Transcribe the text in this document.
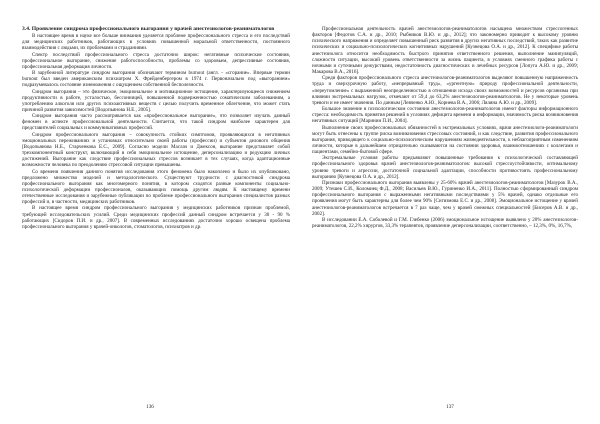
3.4. Проявление синдрома профессионального выгорания у врачей анестезиологов-реаниматологов

В настоящее время в науке все больше внимания уделяется проблеме профессионального стресса и его последствий для медицинских работников, работающих в условиях повышенной моральной ответственности, постоянного взаимодействия с людьми, их проблемами и страданиями.

Спектр последствий профессионального стресса достаточно широк: негативные психические состояния, профессиональное выгорание, снижение работоспособности, проблемы со здоровьем, депрессивные состояния, профессиональная деформация личности.

В зарубежной литературе синдром выгорания обозначают термином burnout (англ. - «сгорание». Впервые термин burnout был введен американским психиатром Х. Фрейденбергером в 1974 г. Первоначально под «выгоранием» подразумевалось состояние изнеможения с ощущением собственной бесполезности.

Синдром выгорания – это физическое, эмоциональное и мотивационное истощение, характеризующееся снижением продуктивности в работе, усталостью, бессонницей, повышенной подверженностью соматическим заболеваниям, а употреблению алкоголя или других психоактивных веществ с целью получить временное облегчение, что может стать причиной развития зависимостей [Водопьянова Н.Е., 2005].

Синдром выгорания часто рассматривается как «профессиональное выгорание», что позволяет изучать данный феномен в аспекте профессиональной деятельности. Считается, что такой синдром наиболее характерен для представителей социальных и коммуникативных профессий.

Синдром профессионального выгорания – совокупность стойких симптомов, проявляющихся в негативных эмоциональных переживаниях и установках относительно своей работы (профессии) и субъектов делового общения [Водопьянова Н.Е., Старченкова Е.С., 2009]. Согласно модели Маслач и Джексон, выгорание представляет собой трехкомпонентный конструкт, включающий в себя эмоциональное истощение, деперсонализацию и редукцию личных достижений. Выгорание как следствие профессиональных стрессов возникает в тех случаях, когда адаптационные возможности человека по преодолению стрессовой ситуации превышены.

Со времени появления данного понятия исследования этого феномена было накоплено и было их опубликовано, предложено множество моделей и методологического. Существуют трудности с диагностикой синдрома профессионального выгорания как многомерного понятия, в котором сходятся разные компоненты социально-психологической деформации профессионалов, оказывающих помощь другим людям. К настоящему времени отечественные исследования и зарубежные публикации по проблеме профессионального выгорания специалистов разных профессий и, в частности, медицинских работников.

В настоящее время синдром профессионального выгорания у медицинских работников признан проблемой, требующей исследовательских усилий. Среди медицинских профессий данный синдром встречается у 30 - 90 % работающих [Сидоров П.И. и др., 2007]. В современных исследованиях достаточно хорошо освещена проблема профессионального выгорания у врачей-онкологов, стоматологов, психиатров и др.

136

Профессиональная деятельность врачей анестезиологов-реаниматологов насыщена множеством стрессогенных факторов [Федотов С.А. и др., 2010; Рыбников В.Ю. и др., 2012]; что закономерно приводит к высокому уровню психического напряжения и определяет повышенный риск развития в других негативных последствий, таких как развитие психических и социально-психологических когнитивных нарушений [Кузнецова О.А. и др., 2012]. К специфике работы анестезиолога относится необходимость быстрого принятия ответственного решения, выполнение манипуляций, сложности ситуации, высокий уровень ответственности за жизнь пациента, в условиях сменного графика работы с ночными и суточными дежурствами, недостаточность диагностических и лечебных ресурсов [Лопуга А.Ю. и др., 2009; Макарова В.А., 2016].

Среди факторов профессионального стресса анестезиологов-реаниматологов выделяют повышенную напряженность труда и сверхурочную работу, «непрерывный труд», «ургентную» природу профессиональной деятельности, «переутомление» с выраженной неопределенностью в отношении исхода своих возможностей и ресурсов организма при влиянии экстремальных нагрузок, отмечают от 59,4 до 63,2% анестезиологов-реаниматологов. Не у некоторые уровень тревоги и не имеет значения. По данным [Левченко А.Ю., Корнева В.А., 2006; Ляляна А.Ю. и др., 2009].

Большое значение в психологическом состоянии анестезиологов-реаниматологов имеют факторы информационного стресса: необходимость принятия решений в условиях дефицита времени и информации, значимость риска возникновения негативных ситуаций [Маринин П.И., 2004].

Выполнение своих профессиональных обязанностей в экстремальных условиях, врачи анестезиологи-реаниматологи могут быть отнесены к группе риска возникновения стрессовых состояний, и как следствие, развития профессионального выгорания, приводящего к социально-психологическим нарушениям жизнедеятельности, к неблагоприятным изменениям личности, которые в дальнейшем отрицательно сказываются на состоянии здоровья, взаимоотношениях с коллегами и пациентами, семейно-бытовой сфере.

Экстремальные условия работы предъявляют повышенные требования к психологической составляющей профессионального здоровья врачей анестезиологов-реаниматологов: высокой стрессоустойчивости, оптимальному уровню тревоги и агрессии, достаточной социальной адаптации, способности противостоять профессиональному выгоранию [Кузнецова О.А. и др., 2012].

Признаки профессионального выгорания выявлены у 25-60% врачей анестезиологов-реаниматологов [Мазурок В.А., 2009; Утешев С.И., Коломиец Ф.Д., 2008; Васильев В.Ю., Гуриненко И.А., 2011]. Полностью сформированный синдром профессионального выгорания с выраженными негативными последствиями у 5% врачей, однако отдельные его проявления могут быть характерны для более чем 90% [Сигизмова Е.С. и др., 2008]. Эмоциональное истощение у врачей анестезиологов-реаниматологов встречается в 7 раз чаще, чем у врачей смежных специальностей [Бисеров А.В. и др., 2002].

В исследовании Е.А. Соболевой и Г.М. Глебенко (2006) эмоциональное истощение выявлено у 20% анестезиологов-реаниматологов, 22,2% хирургов, 33,3% терапевтов, проявление деперсонализации, соответственно, – 12,3%, 0%, 16,7%,

137
